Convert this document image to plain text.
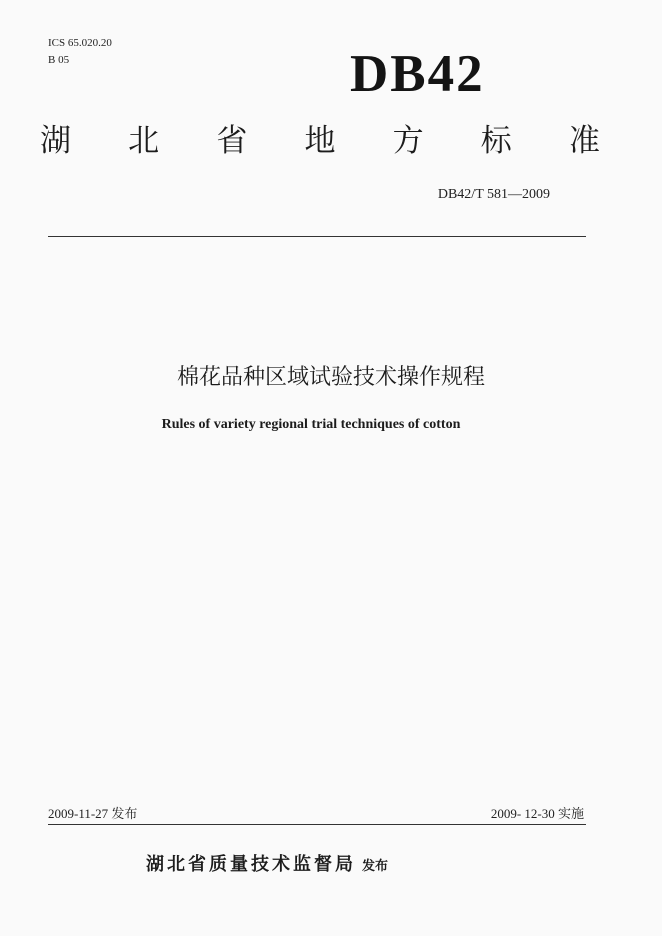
ICS 65.020.20
B 05	DB42
湖 北 省 地 方 标 准
DB42/T 581—2009
棉花品种区域试验技术操作规程
Rules of variety regional trial techniques of cotton
2009-11-27 发布	2009- 12-30 实施
湖北省质量技术监督局 发布
